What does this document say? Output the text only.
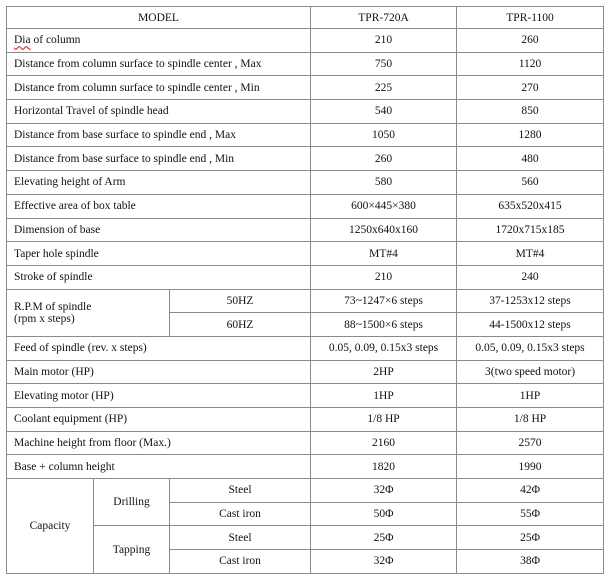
MODEL			TPR-720A	TPR-1100
Dia of column			210	260
Distance from column surface to spindle center , Max			750	1120
Distance from column surface to spindle center , Min			225	270
Horizontal Travel of spindle head			540	850
Distance from base surface to spindle end , Max			1050	1280
Distance from base surface to spindle end , Min			260	480
Elevating height of Arm			580	560
Effective area of box table			600×445×380	635x520x415
Dimension of base			1250x640x160	1720x715x185
Taper hole spindle			MT#4	MT#4
Stroke of spindle			210	240

R.P.M of spindle
(rpm x steps)		50HZ	73~1247×6 steps	37-1253x12 steps
		60HZ	88~1500×6 steps	44-1500x12 steps
Feed of spindle (rev. x steps)			0.05, 0.09, 0.15x3 steps	0.05, 0.09, 0.15x3 steps
Main motor (HP)			2HP	3(two speed motor)
Elevating motor (HP)			1HP	1HP
Coolant equipment (HP)			1/8 HP	1/8 HP
Machine height from floor (Max.)			2160	2570
Base + column height			1820	1990
Capacity	Drilling	Steel	32Φ	42Φ
		Cast iron	50Φ	55Φ
	Tapping	Steel	25Φ	25Φ
		Cast iron	32Φ	38Φ
